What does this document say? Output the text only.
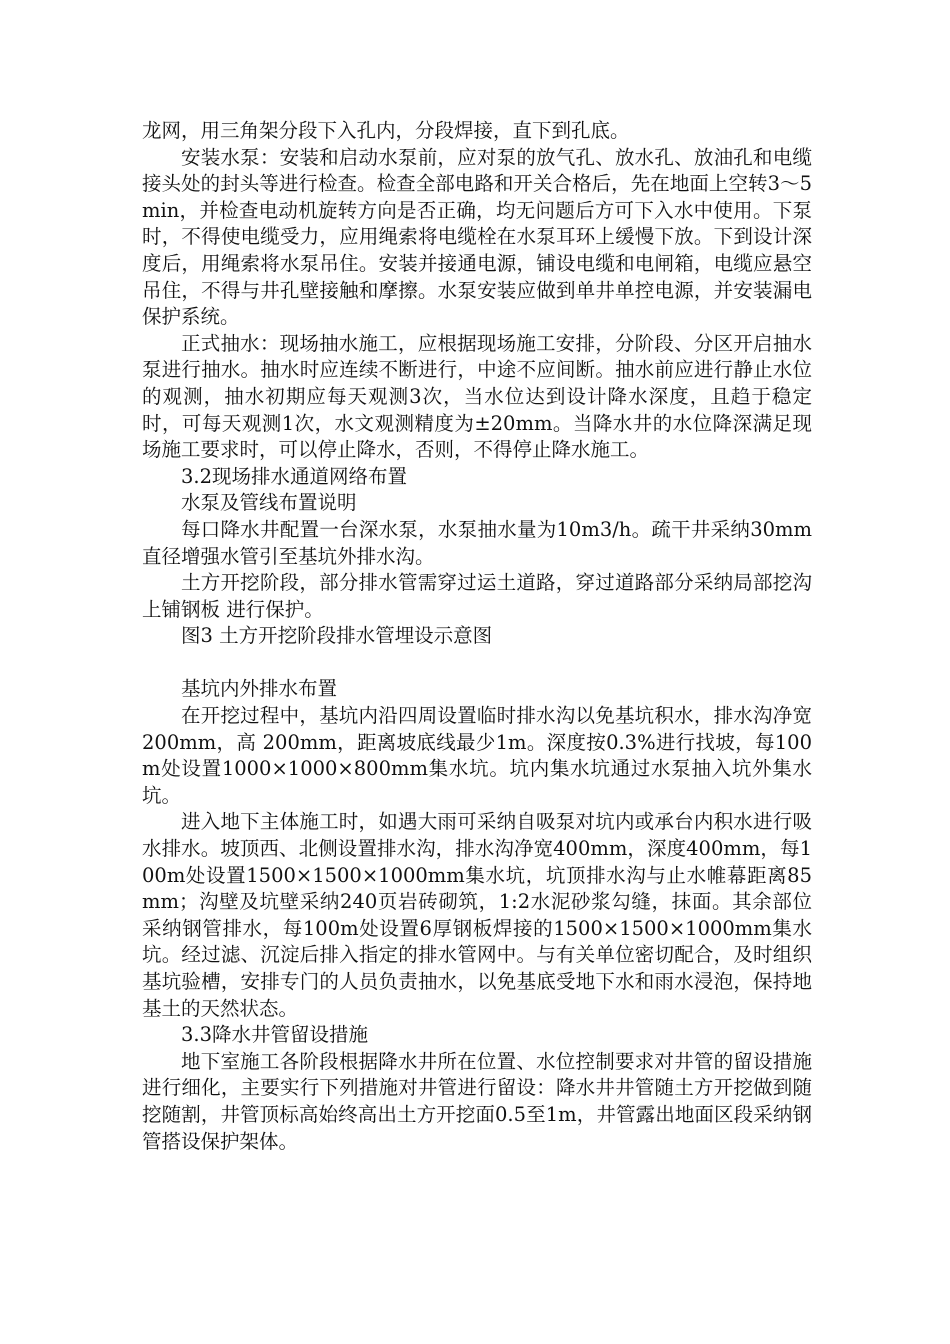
龙网，用三角架分段下入孔内，分段焊接，直下到孔底。

安装水泵：安装和启动水泵前，应对泵的放气孔、放水孔、放油孔和电缆接头处的封头等进行检查。检查全部电路和开关合格后，先在地面上空转3～5min，并检查电动机旋转方向是否正确，均无问题后方可下入水中使用。下泵时，不得使电缆受力，应用绳索将电缆栓在水泵耳环上缓慢下放。下到设计深度后，用绳索将水泵吊住。安装并接通电源，铺设电缆和电闸箱，电缆应悬空吊住，不得与井孔壁接触和摩擦。水泵安装应做到单井单控电源，并安装漏电保护系统。

正式抽水：现场抽水施工，应根据现场施工安排，分阶段、分区开启抽水泵进行抽水。抽水时应连续不断进行，中途不应间断。抽水前应进行静止水位的观测，抽水初期应每天观测3次，当水位达到设计降水深度，且趋于稳定时，可每天观测1次，水文观测精度为±20mm。当降水井的水位降深满足现场施工要求时，可以停止降水，否则，不得停止降水施工。

3.2现场排水通道网络布置

水泵及管线布置说明

每口降水井配置一台深水泵，水泵抽水量为10m3/h。疏干井采纳30mm直径增强水管引至基坑外排水沟。

土方开挖阶段，部分排水管需穿过运土道路，穿过道路部分采纳局部挖沟上铺钢板 进行保护。

图3 土方开挖阶段排水管埋设示意图

基坑内外排水布置

在开挖过程中，基坑内沿四周设置临时排水沟以免基坑积水，排水沟净宽200mm，高 200mm，距离坡底线最少1m。深度按0.3%进行找坡，每100m处设置1000×1000×800mm集水坑。坑内集水坑通过水泵抽入坑外集水坑。

进入地下主体施工时，如遇大雨可采纳自吸泵对坑内或承台内积水进行吸水排水。坡顶西、北侧设置排水沟，排水沟净宽400mm，深度400mm，每100m处设置1500×1500×1000mm集水坑，坑顶排水沟与止水帷幕距离85mm；沟壁及坑壁采纳240页岩砖砌筑，1:2水泥砂浆勾缝，抹面。其余部位采纳钢管排水，每100m处设置6厚钢板焊接的1500×1500×1000mm集水坑。经过滤、沉淀后排入指定的排水管网中。与有关单位密切配合，及时组织基坑验槽，安排专门的人员负责抽水，以免基底受地下水和雨水浸泡，保持地基土的天然状态。

3.3降水井管留设措施

地下室施工各阶段根据降水井所在位置、水位控制要求对井管的留设措施进行细化，主要实行下列措施对井管进行留设：降水井井管随土方开挖做到随挖随割，井管顶标高始终高出土方开挖面0.5至1m，井管露出地面区段采纳钢管搭设保护架体。
